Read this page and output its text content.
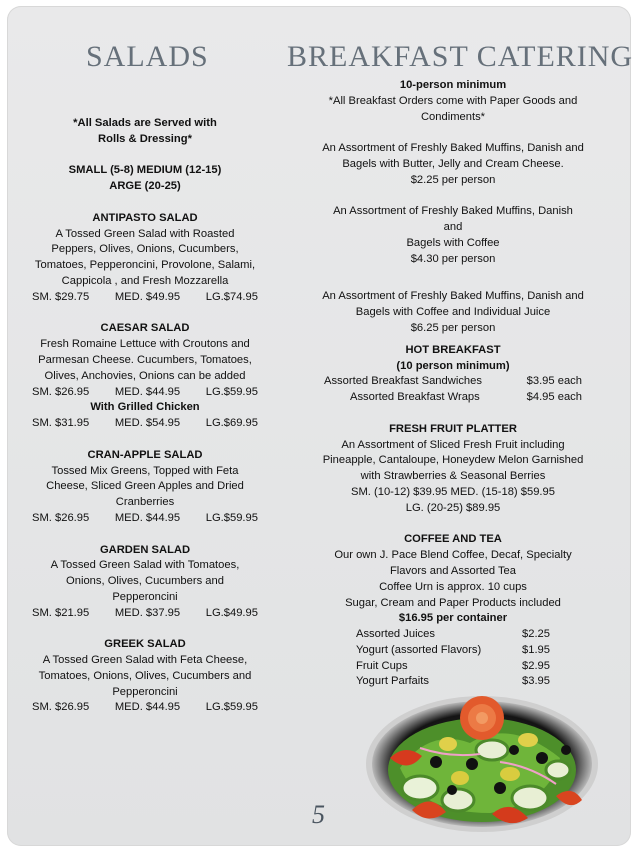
SALADS	BREAKFAST CATERING
*All Salads are Served with Rolls & Dressing*
SMALL (5-8) MEDIUM (12-15) ARGE (20-25)
ANTIPASTO SALAD
A Tossed Green Salad with Roasted Peppers, Olives, Onions, Cucumbers, Tomatoes, Pepperoncini, Provolone, Salami, Cappicola , and Fresh Mozzarella
SM. $29.75 MED. $49.95 LG.$74.95
CAESAR SALAD
Fresh Romaine Lettuce with Croutons and Parmesan Cheese. Cucumbers, Tomatoes, Olives, Anchovies, Onions can be added
SM. $26.95 MED. $44.95 LG.$59.95
With Grilled Chicken
SM. $31.95 MED. $54.95 LG.$69.95
CRAN-APPLE SALAD
Tossed Mix Greens, Topped with Feta Cheese, Sliced Green Apples and Dried Cranberries
SM. $26.95 MED. $44.95 LG.$59.95
GARDEN SALAD
A Tossed Green Salad with Tomatoes, Onions, Olives, Cucumbers and Pepperoncini
SM. $21.95 MED. $37.95 LG.$49.95
GREEK SALAD
A Tossed Green Salad with Feta Cheese, Tomatoes, Onions, Olives, Cucumbers and Pepperoncini
SM. $26.95 MED. $44.95 LG.$59.95
10-person minimum
*All Breakfast Orders come with Paper Goods and Condiments*
An Assortment of Freshly Baked Muffins, Danish and Bagels with Butter, Jelly and Cream Cheese.
$2.25 per person
An Assortment of Freshly Baked Muffins, Danish
and
Bagels with Coffee
$4.30 per person
An Assortment of Freshly Baked Muffins, Danish and Bagels with Coffee and Individual Juice
$6.25 per person
HOT BREAKFAST
(10 person minimum)
Assorted Breakfast Sandwiches	$3.95 each
Assorted Breakfast Wraps	$4.95 each
FRESH FRUIT PLATTER
An Assortment of Sliced Fresh Fruit including Pineapple, Cantaloupe, Honeydew Melon Garnished with Strawberries & Seasonal Berries
SM. (10-12) $39.95 MED. (15-18) $59.95
LG. (20-25) $89.95
COFFEE AND TEA
Our own J. Pace Blend Coffee, Decaf, Specialty Flavors and Assorted Tea
Coffee Urn is approx. 10 cups
Sugar, Cream and Paper Products included
$16.95 per container
Assorted Juices	$2.25
Yogurt (assorted Flavors)	$1.95
Fruit Cups	$2.95
Yogurt Parfaits	$3.95
5
